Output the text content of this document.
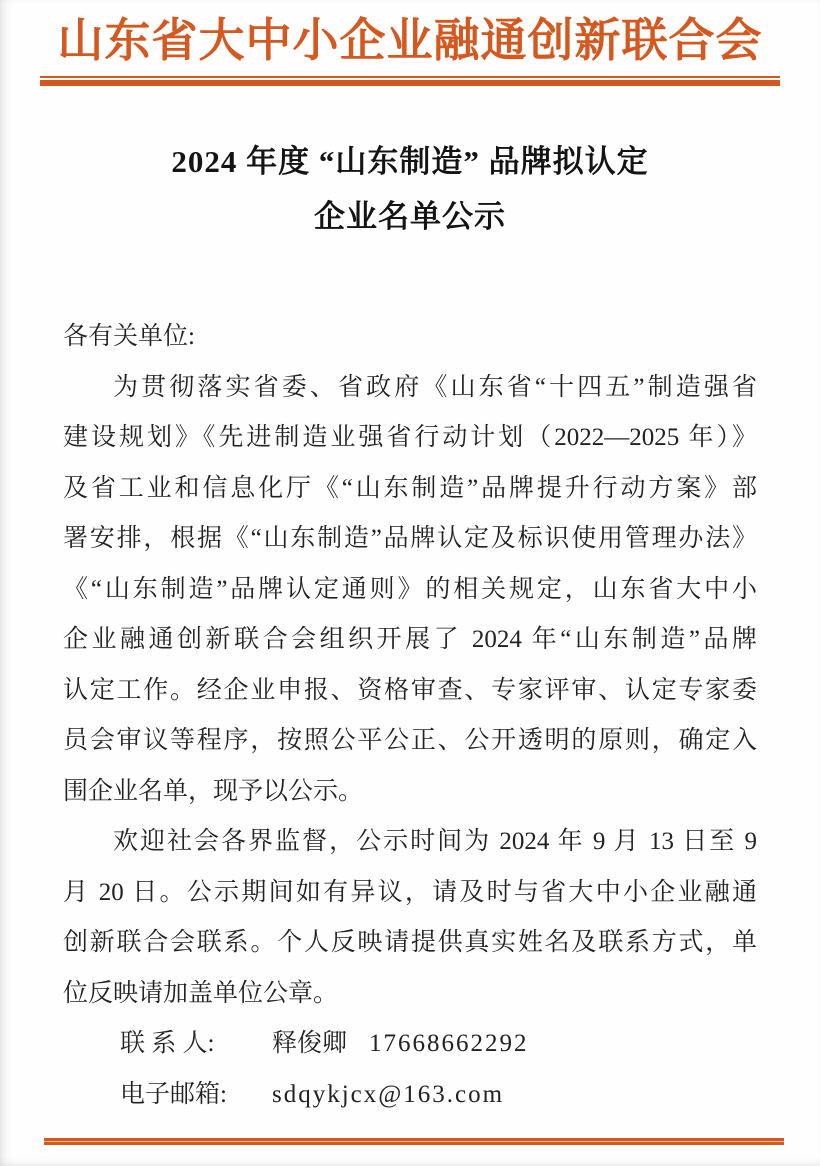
山东省大中小企业融通创新联合会
2024 年度 “山东制造” 品牌拟认定
企业名单公示

各有关单位:

为贯彻落实省委、省政府《山东省“十四五”制造强省

建设规划》《先进制造业强省行动计划（2022—2025 年）》

及省工业和信息化厅《“山东制造”品牌提升行动方案》部

署安排，根据《“山东制造”品牌认定及标识使用管理办法》

《“山东制造”品牌认定通则》的相关规定，山东省大中小

企业融通创新联合会组织开展了 2024 年“山东制造”品牌

认定工作。经企业申报、资格审查、专家评审、认定专家委

员会审议等程序，按照公平公正、公开透明的原则，确定入

围企业名单，现予以公示。

欢迎社会各界监督，公示时间为 2024 年 9 月 13 日至 9

月 20 日。公示期间如有异议，请及时与省大中小企业融通

创新联合会联系。个人反映请提供真实姓名及联系方式，单

位反映请加盖单位公章。

联 系 人: 释俊卿 17668662292
电子邮箱: sdqykjcx@163.com
